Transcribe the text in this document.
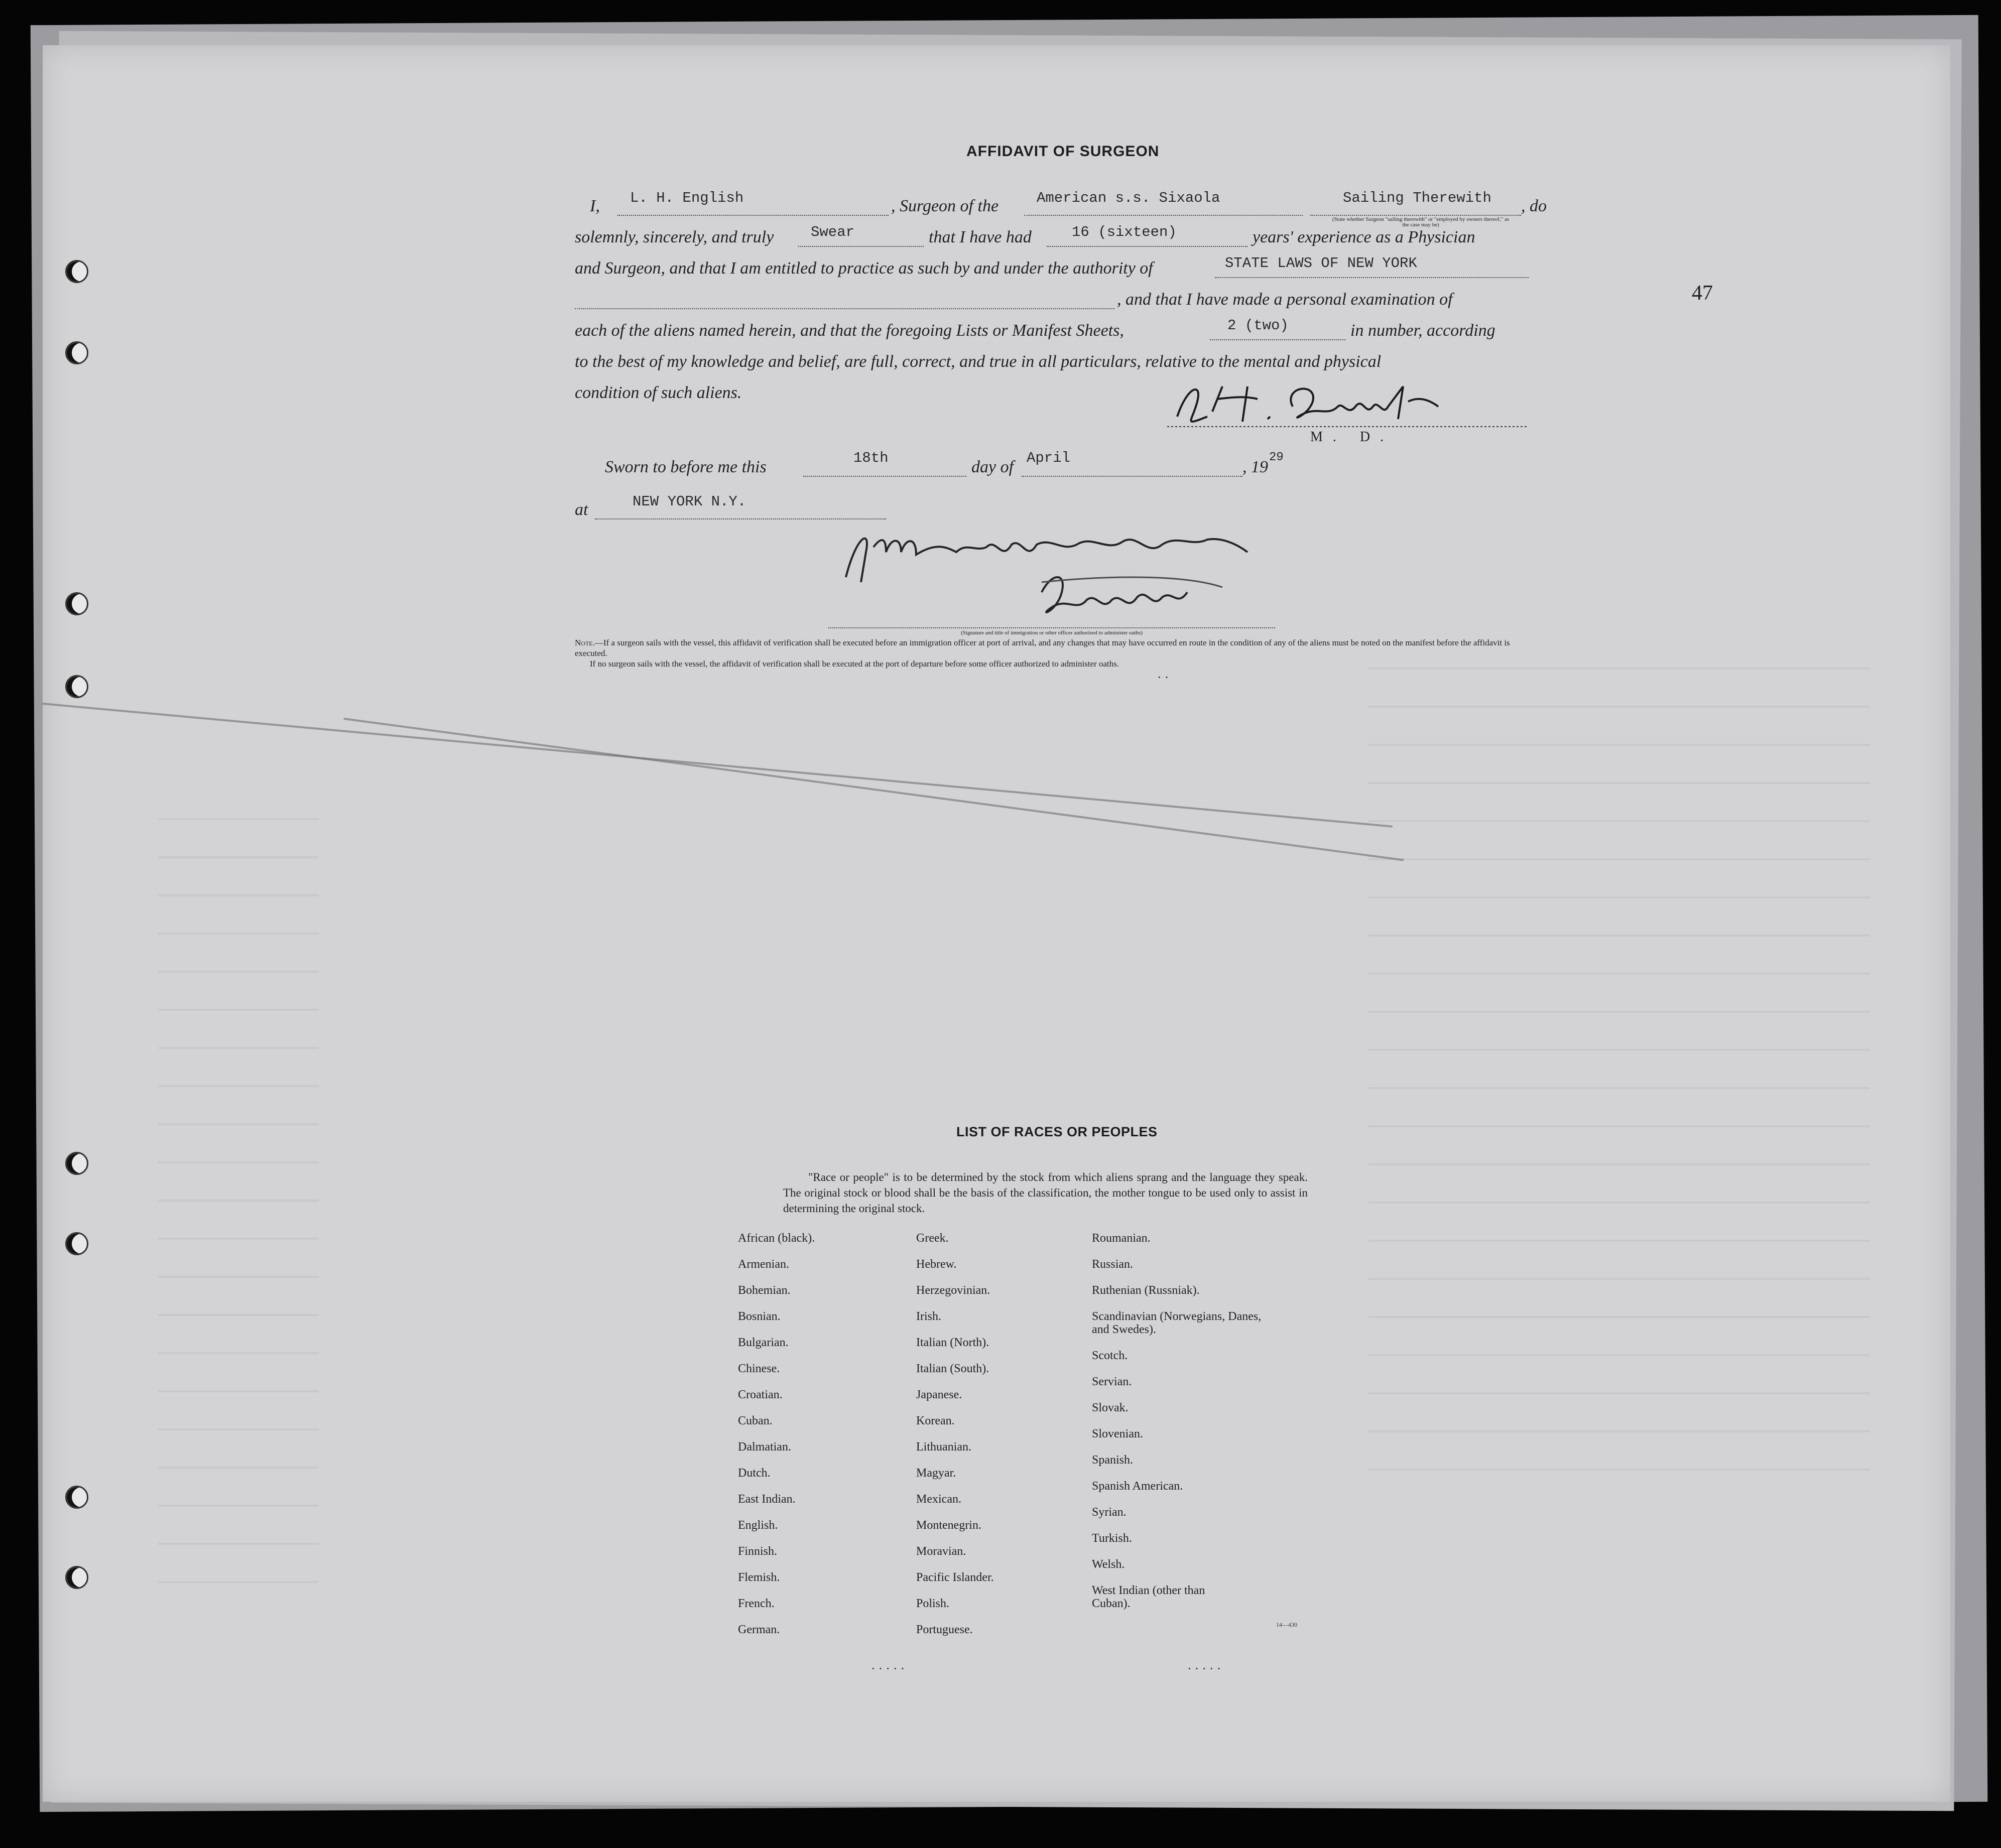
AFFIDAVIT OF SURGEON
I, L. H. English	, Surgeon of the	American s.s. Sixaola	Sailing Therewith
(State whether Surgeon "sailing therewith" or "employed by owners thereof," as the case may be)
, do
solemnly, sincerely, and truly	Swear	that I have had	16 (sixteen)	years' experience as a Physician
and Surgeon, and that I am entitled to practice as such by and under the authority of	STATE LAWS OF NEW YORK
, and that I have made a personal examination of
each of the aliens named herein, and that the foregoing Lists or Manifest Sheets,	2 (two)	in number, according
to the best of my knowledge and belief, are full, correct, and true in all particulars, relative to the mental and physical
condition of such aliens.
M. D.
Sworn to before me this	18th	day of April	, 19
29
at	NEW YORK N.Y.
(Signature and title of immigration or other officer authorized to administer oaths)
47

Note.—If a surgeon sails with the vessel, this affidavit of verification shall be executed before an immigration officer at port of arrival, and any changes that may have occurred en route in the condition of any of the aliens must be noted on the manifest before the affidavit is executed.

If no surgeon sails with the vessel, the affidavit of verification shall be executed at the port of departure before some officer authorized to administer oaths.

LIST OF RACES OR PEOPLES

"Race or people" is to be determined by the stock from which aliens sprang and the language they speak. The original stock or blood shall be the basis of the classification, the mother tongue to be used only to assist in determining the original stock.

African (black).
Armenian.
Bohemian.
Bosnian.
Bulgarian.
Chinese.
Croatian.
Cuban.
Dalmatian.
Dutch.
East Indian.
English.
Finnish.
Flemish.
French.
German.
Greek.
Hebrew.
Herzegovinian.
Irish.
Italian (North).
Italian (South).
Japanese.
Korean.
Lithuanian.
Magyar.
Mexican.
Montenegrin.
Moravian.
Pacific Islander.
Polish.
Portuguese.
Roumanian.
Russian.
Ruthenian (Russniak).
Scandinavian (Norwegians, Danes, and Swedes).
Scotch.
Servian.
Slovak.
Slovenian.
Spanish.
Spanish American.
Syrian.
Turkish.
Welsh.
West Indian (other than Cuban).
14—430
·····	·····
··
